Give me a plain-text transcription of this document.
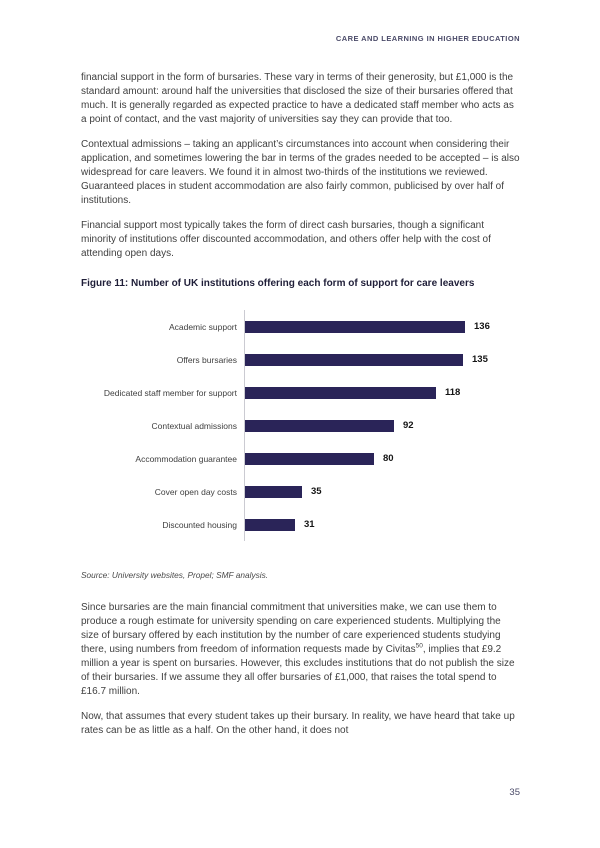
CARE AND LEARNING IN HIGHER EDUCATION

financial support in the form of bursaries. These vary in terms of their generosity, but £1,000 is the standard amount: around half the universities that disclosed the size of their bursaries offered that much. It is generally regarded as expected practice to have a dedicated staff member who acts as a point of contact, and the vast majority of universities say they can provide that too.

Contextual admissions – taking an applicant’s circumstances into account when considering their application, and sometimes lowering the bar in terms of the grades needed to be accepted – is also widespread for care leavers. We found it in almost two-thirds of the institutions we reviewed. Guaranteed places in student accommodation are also fairly common, publicised by over half of institutions.

Financial support most typically takes the form of direct cash bursaries, though a significant minority of institutions offer discounted accommodation, and others offer help with the cost of attending open days.

Figure 11: Number of UK institutions offering each form of support for care leavers
Academic support	136
Offers bursaries	135
Dedicated staff member for support	118
Contextual admissions	92
Accommodation guarantee	80
Cover open day costs	35
Discounted housing	31
Source: University websites, Propel; SMF analysis.

Since bursaries are the main financial commitment that universities make, we can use them to produce a rough estimate for university spending on care experienced students. Multiplying the size of bursary offered by each institution by the number of care experienced students studying there, using numbers from freedom of information requests made by Civitas$^{50}$, implies that £9.2 million a year is spent on bursaries. However, this excludes institutions that do not publish the size of their bursaries. If we assume they all offer bursaries of £1,000, that raises the total spend to £16.7 million.

Now, that assumes that every student takes up their bursary. In reality, we have heard that take up rates can be as little as a half. On the other hand, it does not

35
